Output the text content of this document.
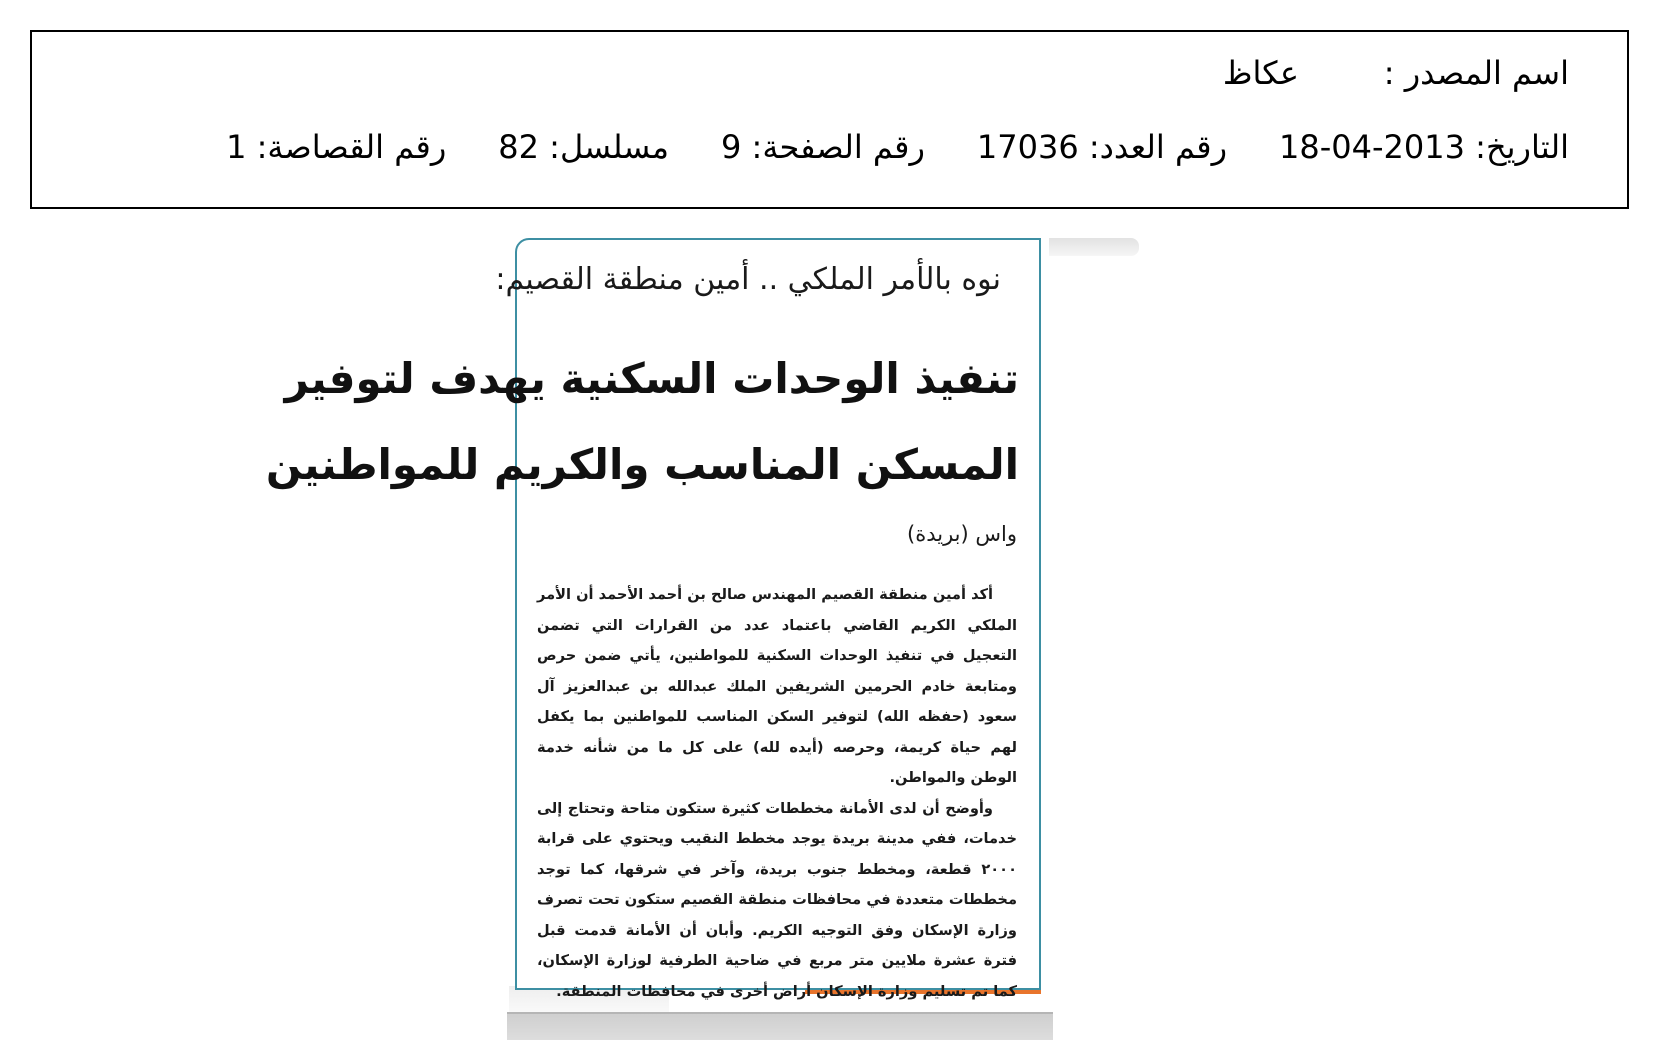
اسم المصدر :
عكاظ
التاريخ: 2013-04-18
رقم العدد: 17036
رقم الصفحة: 9
مسلسل: 82
رقم القصاصة: 1
نوه بالأمر الملكي .. أمين منطقة القصيم:
تنفيذ الوحدات السكنية يهدف لتوفير
المسكن المناسب والكريم للمواطنين
واس (بريدة)

أكد أمين منطقة القصيم المهندس صالح بن أحمد الأحمد أن الأمر الملكي الكريم القاضي باعتماد عدد من القرارات التي تضمن التعجيل في تنفيذ الوحدات السكنية للمواطنين، يأتي ضمن حرص ومتابعة خادم الحرمين الشريفين الملك عبدالله بن عبدالعزيز آل سعود (حفظه الله) لتوفير السكن المناسب للمواطنين بما يكفل لهم حياة كريمة، وحرصه (أيده لله) على كل ما من شأنه خدمة الوطن والمواطن.

وأوضح أن لدى الأمانة مخططات كثيرة ستكون متاحة وتحتاج إلى خدمات، ففي مدينة بريدة يوجد مخطط النقيب ويحتوي على قرابة ٢٠٠٠ قطعة، ومخطط جنوب بريدة، وآخر في شرقها، كما توجد مخططات متعددة في محافظات منطقة القصيم ستكون تحت تصرف وزارة الإسكان وفق التوجيه الكريم. وأبان أن الأمانة قدمت قبل فترة عشرة ملايين متر مربع في ضاحية الطرفية لوزارة الإسكان، كما تم تسليم وزارة الإسكان أراض أخرى في محافظات المنطقة.
